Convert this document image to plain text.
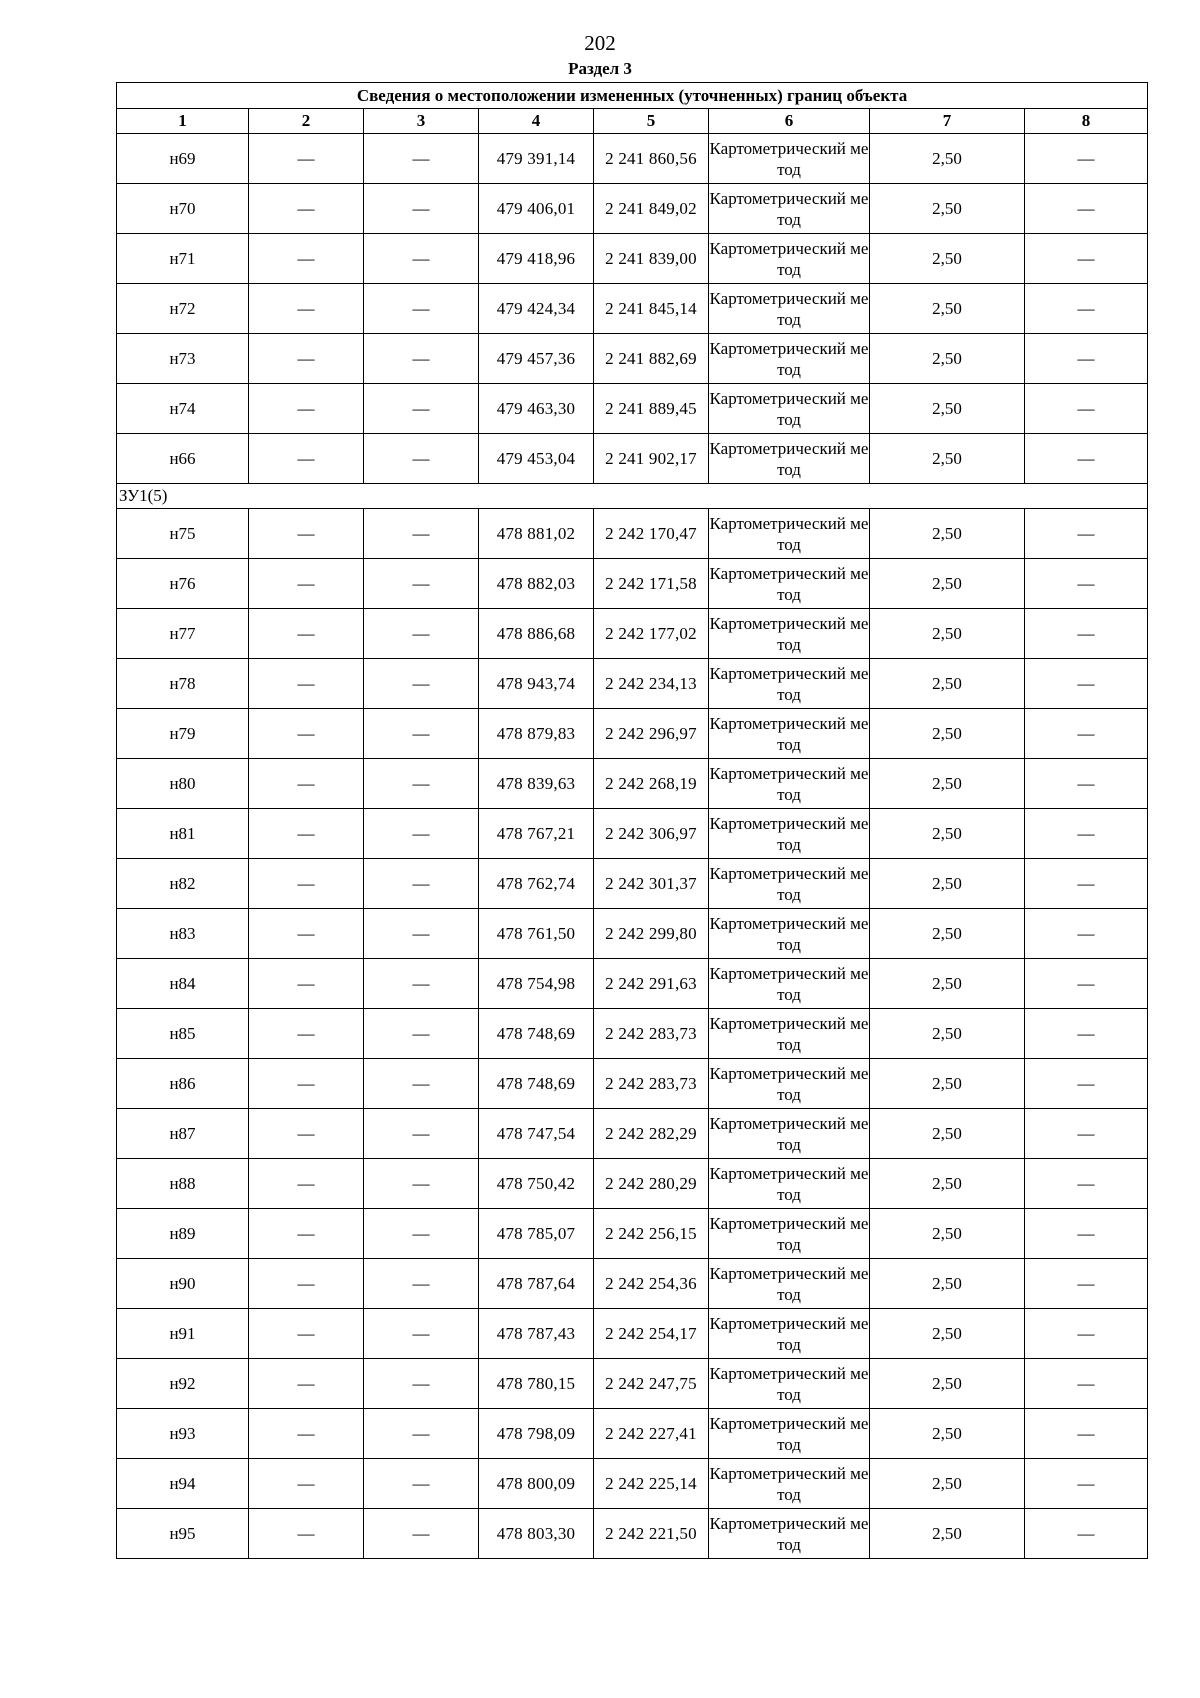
202
Раздел 3
Сведения о местоположении измененных (уточненных) границ объекта							
1	2	3	4	5	6	7	8
н69	—	—	479 391,14	2 241 860,56	Картометрический метод	2,50	—
н70	—	—	479 406,01	2 241 849,02	Картометрический метод	2,50	—
н71	—	—	479 418,96	2 241 839,00	Картометрический метод	2,50	—
н72	—	—	479 424,34	2 241 845,14	Картометрический метод	2,50	—
н73	—	—	479 457,36	2 241 882,69	Картометрический метод	2,50	—
н74	—	—	479 463,30	2 241 889,45	Картометрический метод	2,50	—
н66	—	—	479 453,04	2 241 902,17	Картометрический метод	2,50	—
ЗУ1(5)							
н75	—	—	478 881,02	2 242 170,47	Картометрический метод	2,50	—
н76	—	—	478 882,03	2 242 171,58	Картометрический метод	2,50	—
н77	—	—	478 886,68	2 242 177,02	Картометрический метод	2,50	—
н78	—	—	478 943,74	2 242 234,13	Картометрический метод	2,50	—
н79	—	—	478 879,83	2 242 296,97	Картометрический метод	2,50	—
н80	—	—	478 839,63	2 242 268,19	Картометрический метод	2,50	—
н81	—	—	478 767,21	2 242 306,97	Картометрический метод	2,50	—
н82	—	—	478 762,74	2 242 301,37	Картометрический метод	2,50	—
н83	—	—	478 761,50	2 242 299,80	Картометрический метод	2,50	—
н84	—	—	478 754,98	2 242 291,63	Картометрический метод	2,50	—
н85	—	—	478 748,69	2 242 283,73	Картометрический метод	2,50	—
н86	—	—	478 748,69	2 242 283,73	Картометрический метод	2,50	—
н87	—	—	478 747,54	2 242 282,29	Картометрический метод	2,50	—
н88	—	—	478 750,42	2 242 280,29	Картометрический метод	2,50	—
н89	—	—	478 785,07	2 242 256,15	Картометрический метод	2,50	—
н90	—	—	478 787,64	2 242 254,36	Картометрический метод	2,50	—
н91	—	—	478 787,43	2 242 254,17	Картометрический метод	2,50	—
н92	—	—	478 780,15	2 242 247,75	Картометрический метод	2,50	—
н93	—	—	478 798,09	2 242 227,41	Картометрический метод	2,50	—
н94	—	—	478 800,09	2 242 225,14	Картометрический метод	2,50	—
н95	—	—	478 803,30	2 242 221,50	Картометрический метод	2,50	—
